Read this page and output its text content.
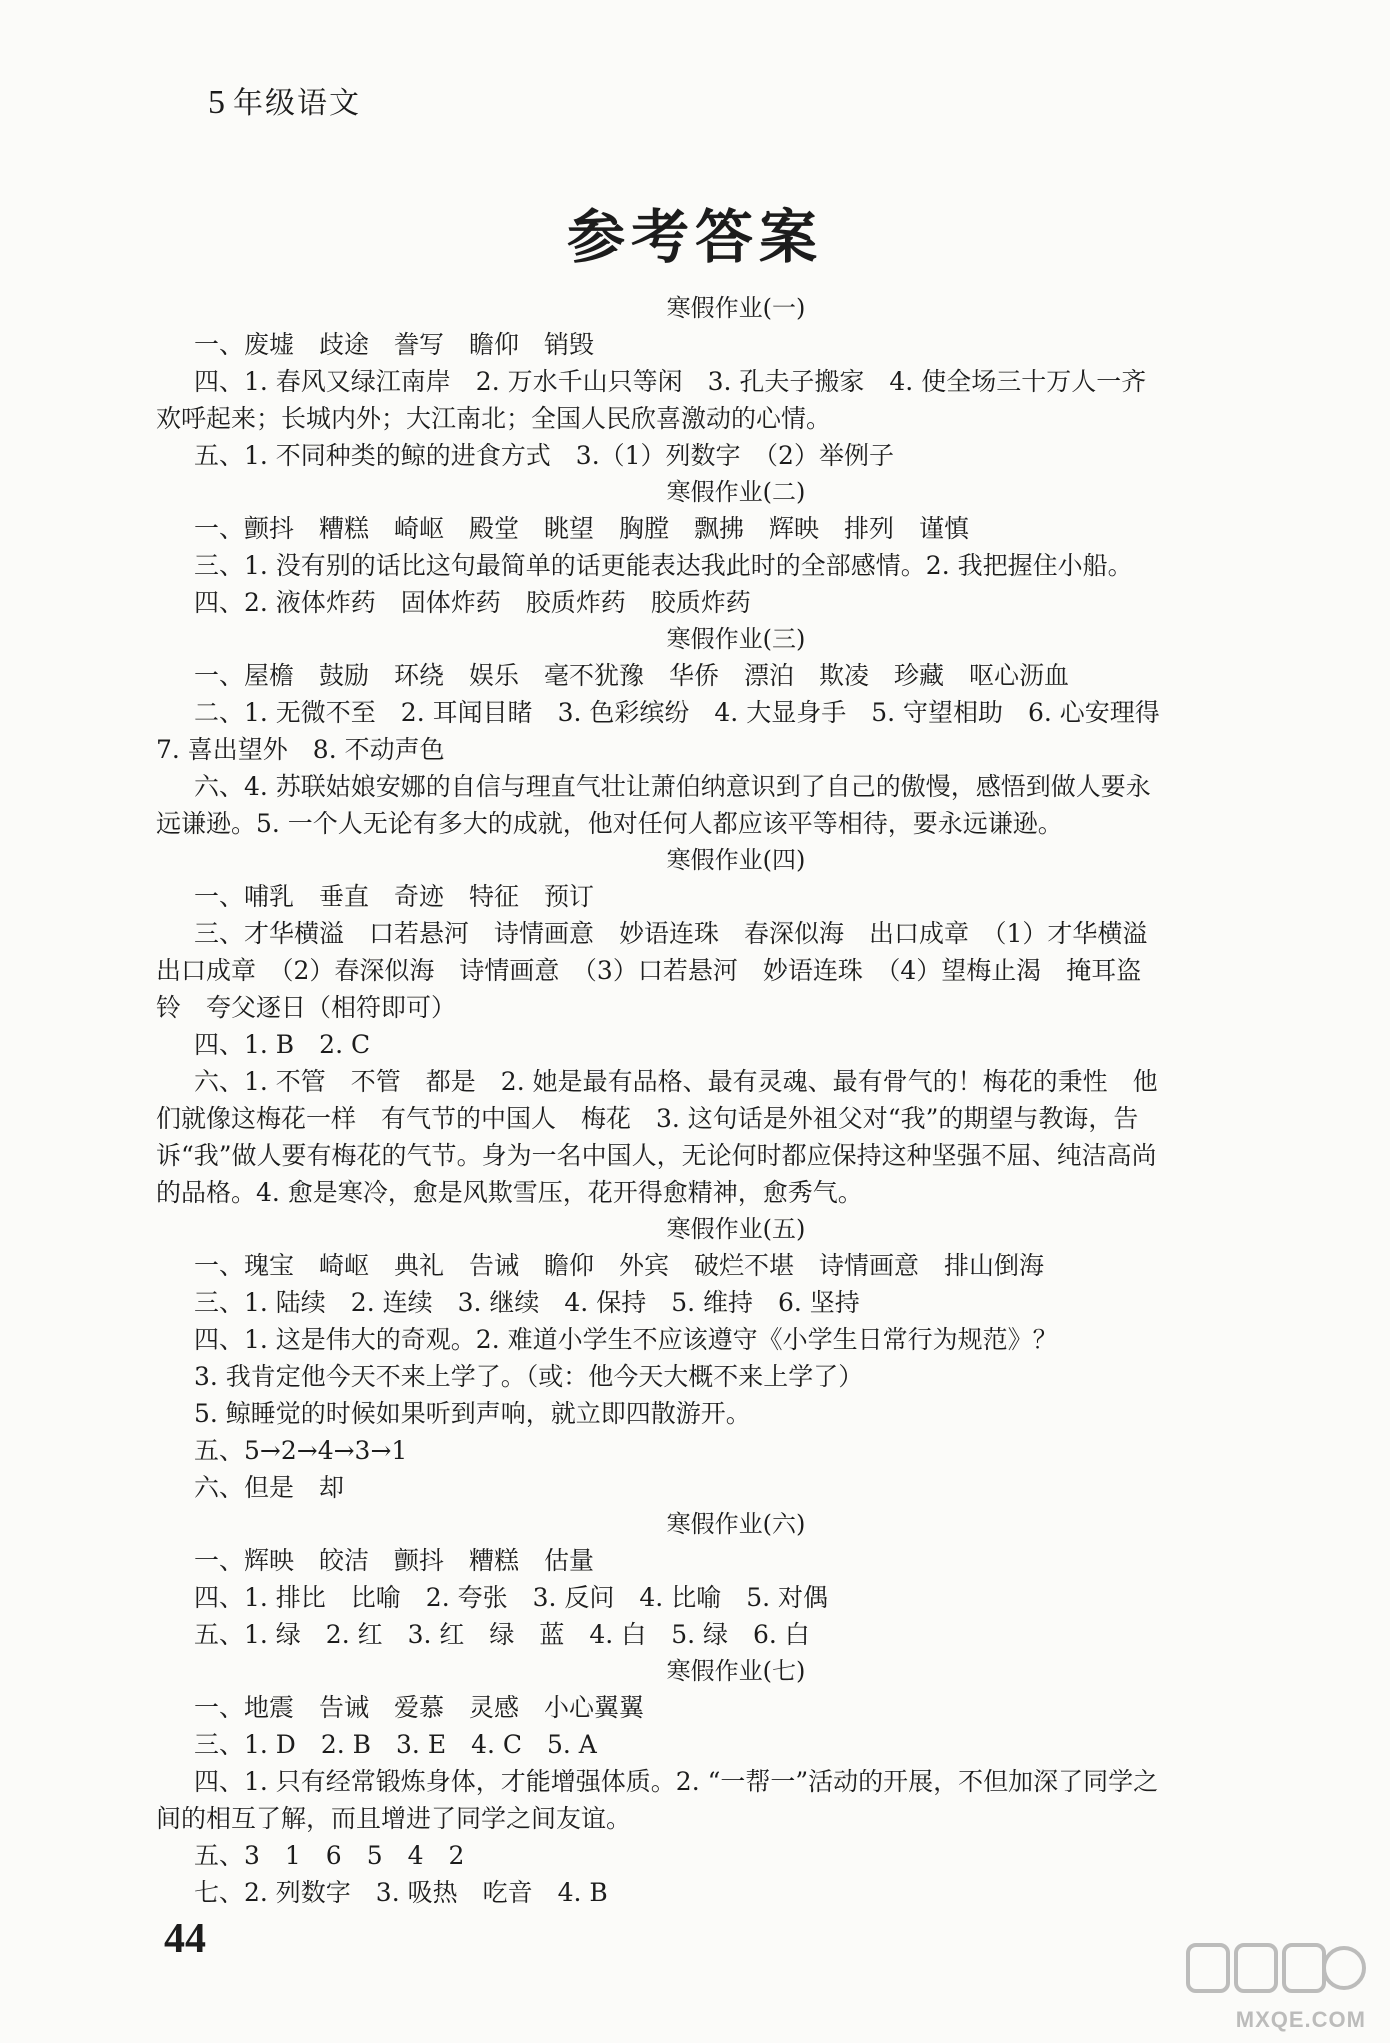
5 年级语文
参考答案
寒假作业(一)
一、废墟　歧途　誊写　瞻仰　销毁
四、1. 春风又绿江南岸　2. 万水千山只等闲　3. 孔夫子搬家　4. 使全场三十万人一齐
欢呼起来；长城内外；大江南北；全国人民欣喜激动的心情。
五、1. 不同种类的鲸的进食方式　3.（1）列数字　（2）举例子
寒假作业(二)
一、颤抖　糟糕　崎岖　殿堂　眺望　胸膛　飘拂　辉映　排列　谨慎
三、1. 没有别的话比这句最简单的话更能表达我此时的全部感情。2. 我把握住小船。
四、2. 液体炸药　固体炸药　胶质炸药　胶质炸药
寒假作业(三)
一、屋檐　鼓励　环绕　娱乐　毫不犹豫　华侨　漂泊　欺凌　珍藏　呕心沥血
二、1. 无微不至　2. 耳闻目睹　3. 色彩缤纷　4. 大显身手　5. 守望相助　6. 心安理得
7. 喜出望外　8. 不动声色
六、4. 苏联姑娘安娜的自信与理直气壮让萧伯纳意识到了自己的傲慢，感悟到做人要永
远谦逊。5. 一个人无论有多大的成就，他对任何人都应该平等相待，要永远谦逊。
寒假作业(四)
一、哺乳　垂直　奇迹　特征　预订
三、才华横溢　口若悬河　诗情画意　妙语连珠　春深似海　出口成章　（1）才华横溢
出口成章　（2）春深似海　诗情画意　（3）口若悬河　妙语连珠　（4）望梅止渴　掩耳盗
铃　夸父逐日（相符即可）
四、1. B　2. C
六、1. 不管　不管　都是　2. 她是最有品格、最有灵魂、最有骨气的！梅花的秉性　他
们就像这梅花一样　有气节的中国人　梅花　3. 这句话是外祖父对“我”的期望与教诲，告
诉“我”做人要有梅花的气节。身为一名中国人，无论何时都应保持这种坚强不屈、纯洁高尚
的品格。4. 愈是寒冷，愈是风欺雪压，花开得愈精神，愈秀气。
寒假作业(五)
一、瑰宝　崎岖　典礼　告诫　瞻仰　外宾　破烂不堪　诗情画意　排山倒海
三、1. 陆续　2. 连续　3. 继续　4. 保持　5. 维持　6. 坚持
四、1. 这是伟大的奇观。2. 难道小学生不应该遵守《小学生日常行为规范》？
3. 我肯定他今天不来上学了。（或：他今天大概不来上学了）
5. 鲸睡觉的时候如果听到声响，就立即四散游开。
五、5→2→4→3→1
六、但是　却
寒假作业(六)
一、辉映　皎洁　颤抖　糟糕　估量
四、1. 排比　比喻　2. 夸张　3. 反问　4. 比喻　5. 对偶
五、1. 绿　2. 红　3. 红　绿　蓝　4. 白　5. 绿　6. 白
寒假作业(七)
一、地震　告诫　爱慕　灵感　小心翼翼
三、1. D　2. B　3. E　4. C　5. A
四、1. 只有经常锻炼身体，才能增强体质。2. “一帮一”活动的开展，不但加深了同学之
间的相互了解，而且增进了同学之间友谊。
五、3　1　6　5　4　2
七、2. 列数字　3. 吸热　吃音　4. B
44
MXQE.COM
